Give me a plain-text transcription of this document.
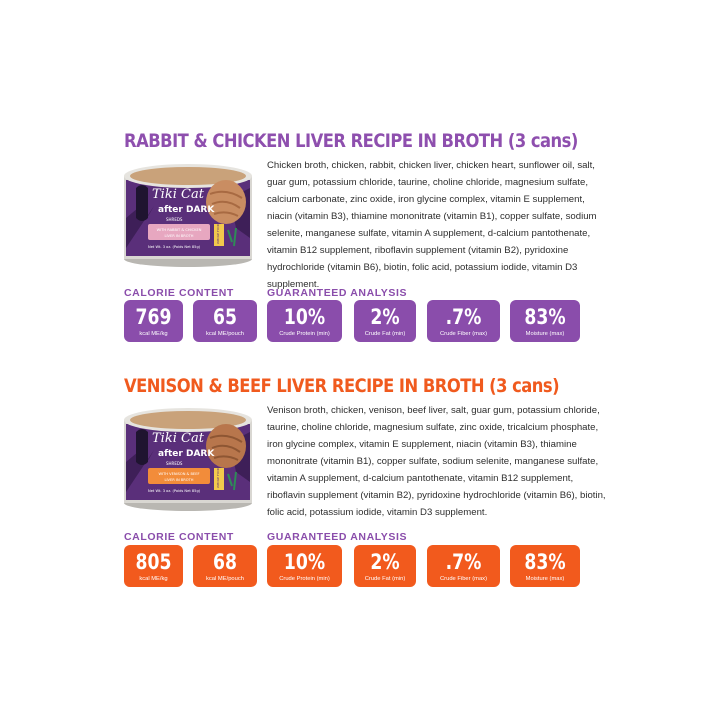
RABBIT & CHICKEN LIVER RECIPE IN BROTH (3 cans)
Tiki Cat
after DARK
SHREDS
WITH RABBIT & CHICKEN
LIVER IN BROTH
Net Wt. 3 oz. (Poids Net 85g)
WHOLE FOOD

Chicken broth, chicken, rabbit, chicken liver, chicken heart, sunflower oil, salt, guar gum, potassium chloride, taurine, choline chloride, magnesium sulfate, calcium carbonate, zinc oxide, iron glycine complex, vitamin E supplement, niacin (vitamin B3), thiamine mononitrate (vitamin B1), copper sulfate, sodium selenite, manganese sulfate, vitamin A supplement, d-calcium pantothenate, vitamin B12 supplement, riboflavin supplement (vitamin B2), pyridoxine hydrochloride (vitamin B6), biotin, folic acid, potassium iodide, vitamin D3 supplement.

CALORIE CONTENT	GUARANTEED ANALYSIS
769
kcal ME/kg
65
kcal ME/pouch
10%
Crude Protein (min)
2%
Crude Fat (min)
.7%
Crude Fiber (max)
83%
Moisture (max)
VENISON & BEEF LIVER RECIPE IN BROTH (3 cans)
Tiki Cat
after DARK
SHREDS
WITH VENISON & BEEF
LIVER IN BROTH
Net Wt. 3 oz. (Poids Net 85g)
WHOLE FOOD

Venison broth, chicken, venison, beef liver, salt, guar gum, potassium chloride, taurine, choline chloride, magnesium sulfate, zinc oxide, tricalcium phosphate, iron glycine complex, vitamin E supplement, niacin (vitamin B3), thiamine mononitrate (vitamin B1), copper sulfate, sodium selenite, manganese sulfate, vitamin A supplement, d-calcium pantothenate, vitamin B12 supplement, riboflavin supplement (vitamin B2), pyridoxine hydrochloride (vitamin B6), biotin, folic acid, potassium iodide, vitamin D3 supplement.

CALORIE CONTENT	GUARANTEED ANALYSIS
805
kcal ME/kg
68
kcal ME/pouch
10%
Crude Protein (min)
2%
Crude Fat (min)
.7%
Crude Fiber (max)
83%
Moisture (max)
